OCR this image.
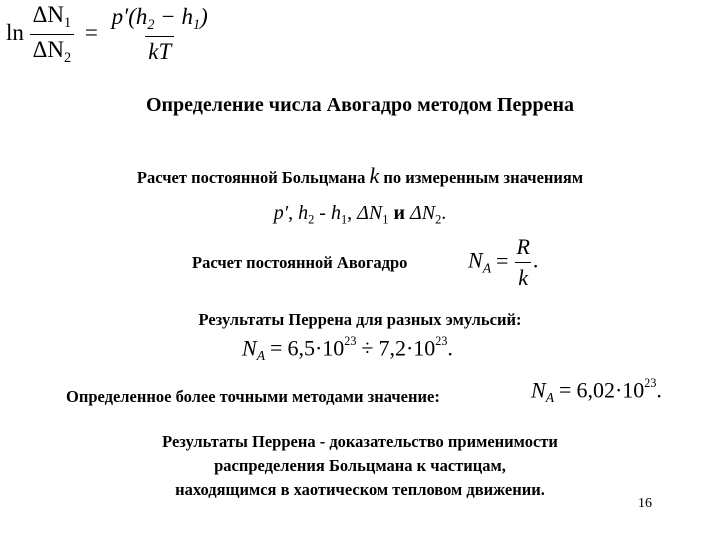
$\ln \frac{\Delta N_1}{\Delta N_2} = \frac{p'(h_2 - h_1)}{kT}$
Определение числа Авогадро методом Перрена
Расчет постоянной Больцмана k по измеренным значениям
p′, $h_2 - h_1$, $\Delta N_1$ и $\Delta N_2$.
Расчет постоянной Авогадро	$N_A = \frac{R}{k}$ .
Результаты Перрена для разных эмульсий:
$N_A = 6,5\cdot 10^{23} \div 7,2\cdot 10^{23}$.
Определенное более точными методами значение:	$N_A = 6,02\cdot 10^{23}$.
Результаты Перрена - доказательство применимости
распределения Больцмана к частицам,
находящимся в хаотическом тепловом движении.
16
